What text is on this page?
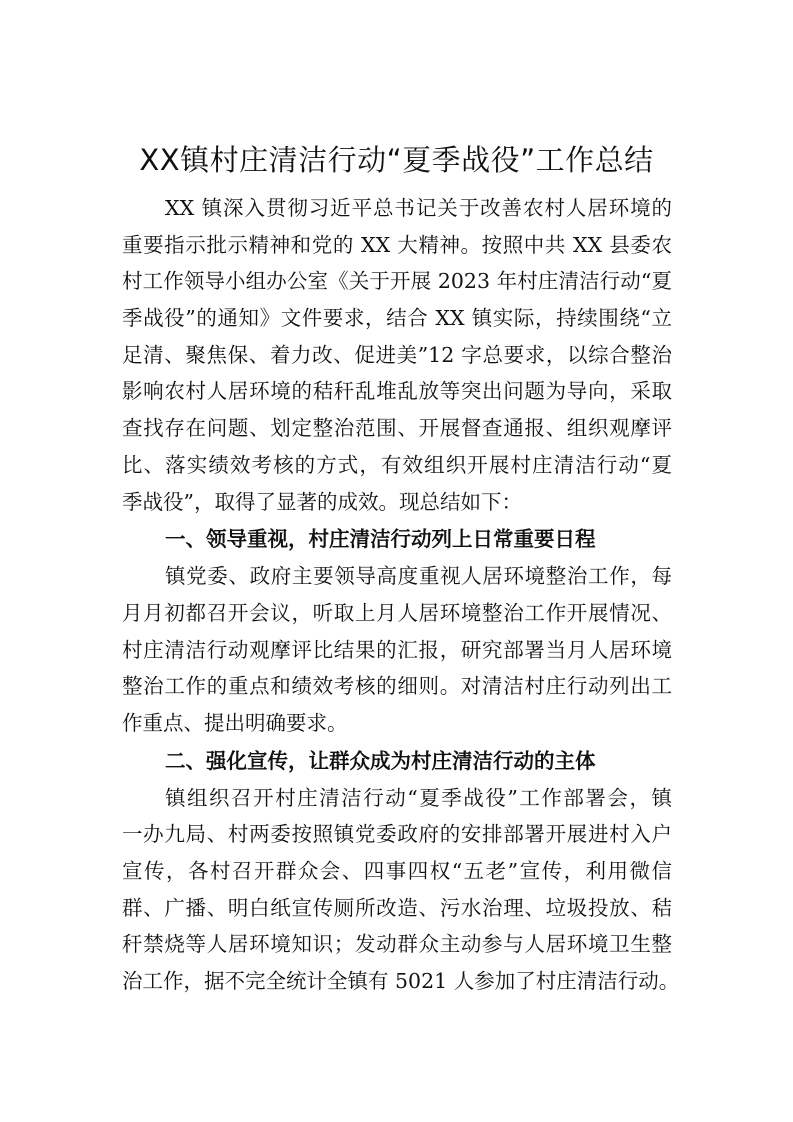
XX镇村庄清洁行动“夏季战役”工作总结
XX 镇深入贯彻习近平总书记关于改善农村人居环境的
重要指示批示精神和党的 XX 大精神。按照中共 XX 县委农
村工作领导小组办公室《关于开展 2023 年村庄清洁行动“夏
季战役”的通知》文件要求，结合 XX 镇实际，持续围绕“立
足清、聚焦保、着力改、促进美”12 字总要求，以综合整治
影响农村人居环境的秸秆乱堆乱放等突出问题为导向，采取
查找存在问题、划定整治范围、开展督查通报、组织观摩评
比、落实绩效考核的方式，有效组织开展村庄清洁行动“夏
季战役”，取得了显著的成效。现总结如下：
一、领导重视，村庄清洁行动列上日常重要日程
镇党委、政府主要领导高度重视人居环境整治工作，每
月月初都召开会议，听取上月人居环境整治工作开展情况、
村庄清洁行动观摩评比结果的汇报，研究部署当月人居环境
整治工作的重点和绩效考核的细则。对清洁村庄行动列出工
作重点、提出明确要求。
二、强化宣传，让群众成为村庄清洁行动的主体
镇组织召开村庄清洁行动“夏季战役”工作部署会，镇
一办九局、村两委按照镇党委政府的安排部署开展进村入户
宣传，各村召开群众会、四事四权“五老”宣传，利用微信
群、广播、明白纸宣传厕所改造、污水治理、垃圾投放、秸
秆禁烧等人居环境知识；发动群众主动参与人居环境卫生整
治工作，据不完全统计全镇有 5021 人参加了村庄清洁行动。
